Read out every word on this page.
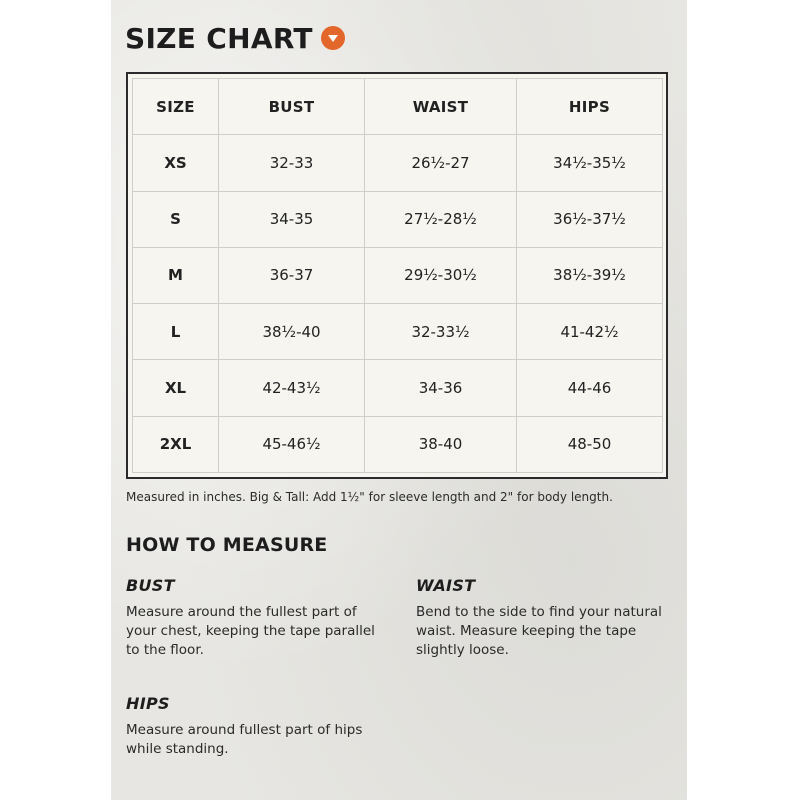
SIZE CHART
SIZE	BUST	WAIST	HIPS
XS	32-33	26½-27	34½-35½
S	34-35	27½-28½	36½-37½
M	36-37	29½-30½	38½-39½
L	38½-40	32-33½	41-42½
XL	42-43½	34-36	44-46
2XL	45-46½	38-40	48-50
Measured in inches. Big & Tall: Add 1½" for sleeve length and 2" for body length.
HOW TO MEASURE
BUST
Measure around the fullest part of your chest, keeping the tape parallel to the floor.
WAIST
Bend to the side to find your natural waist. Measure keeping the tape slightly loose.
HIPS
Measure around fullest part of hips while standing.
